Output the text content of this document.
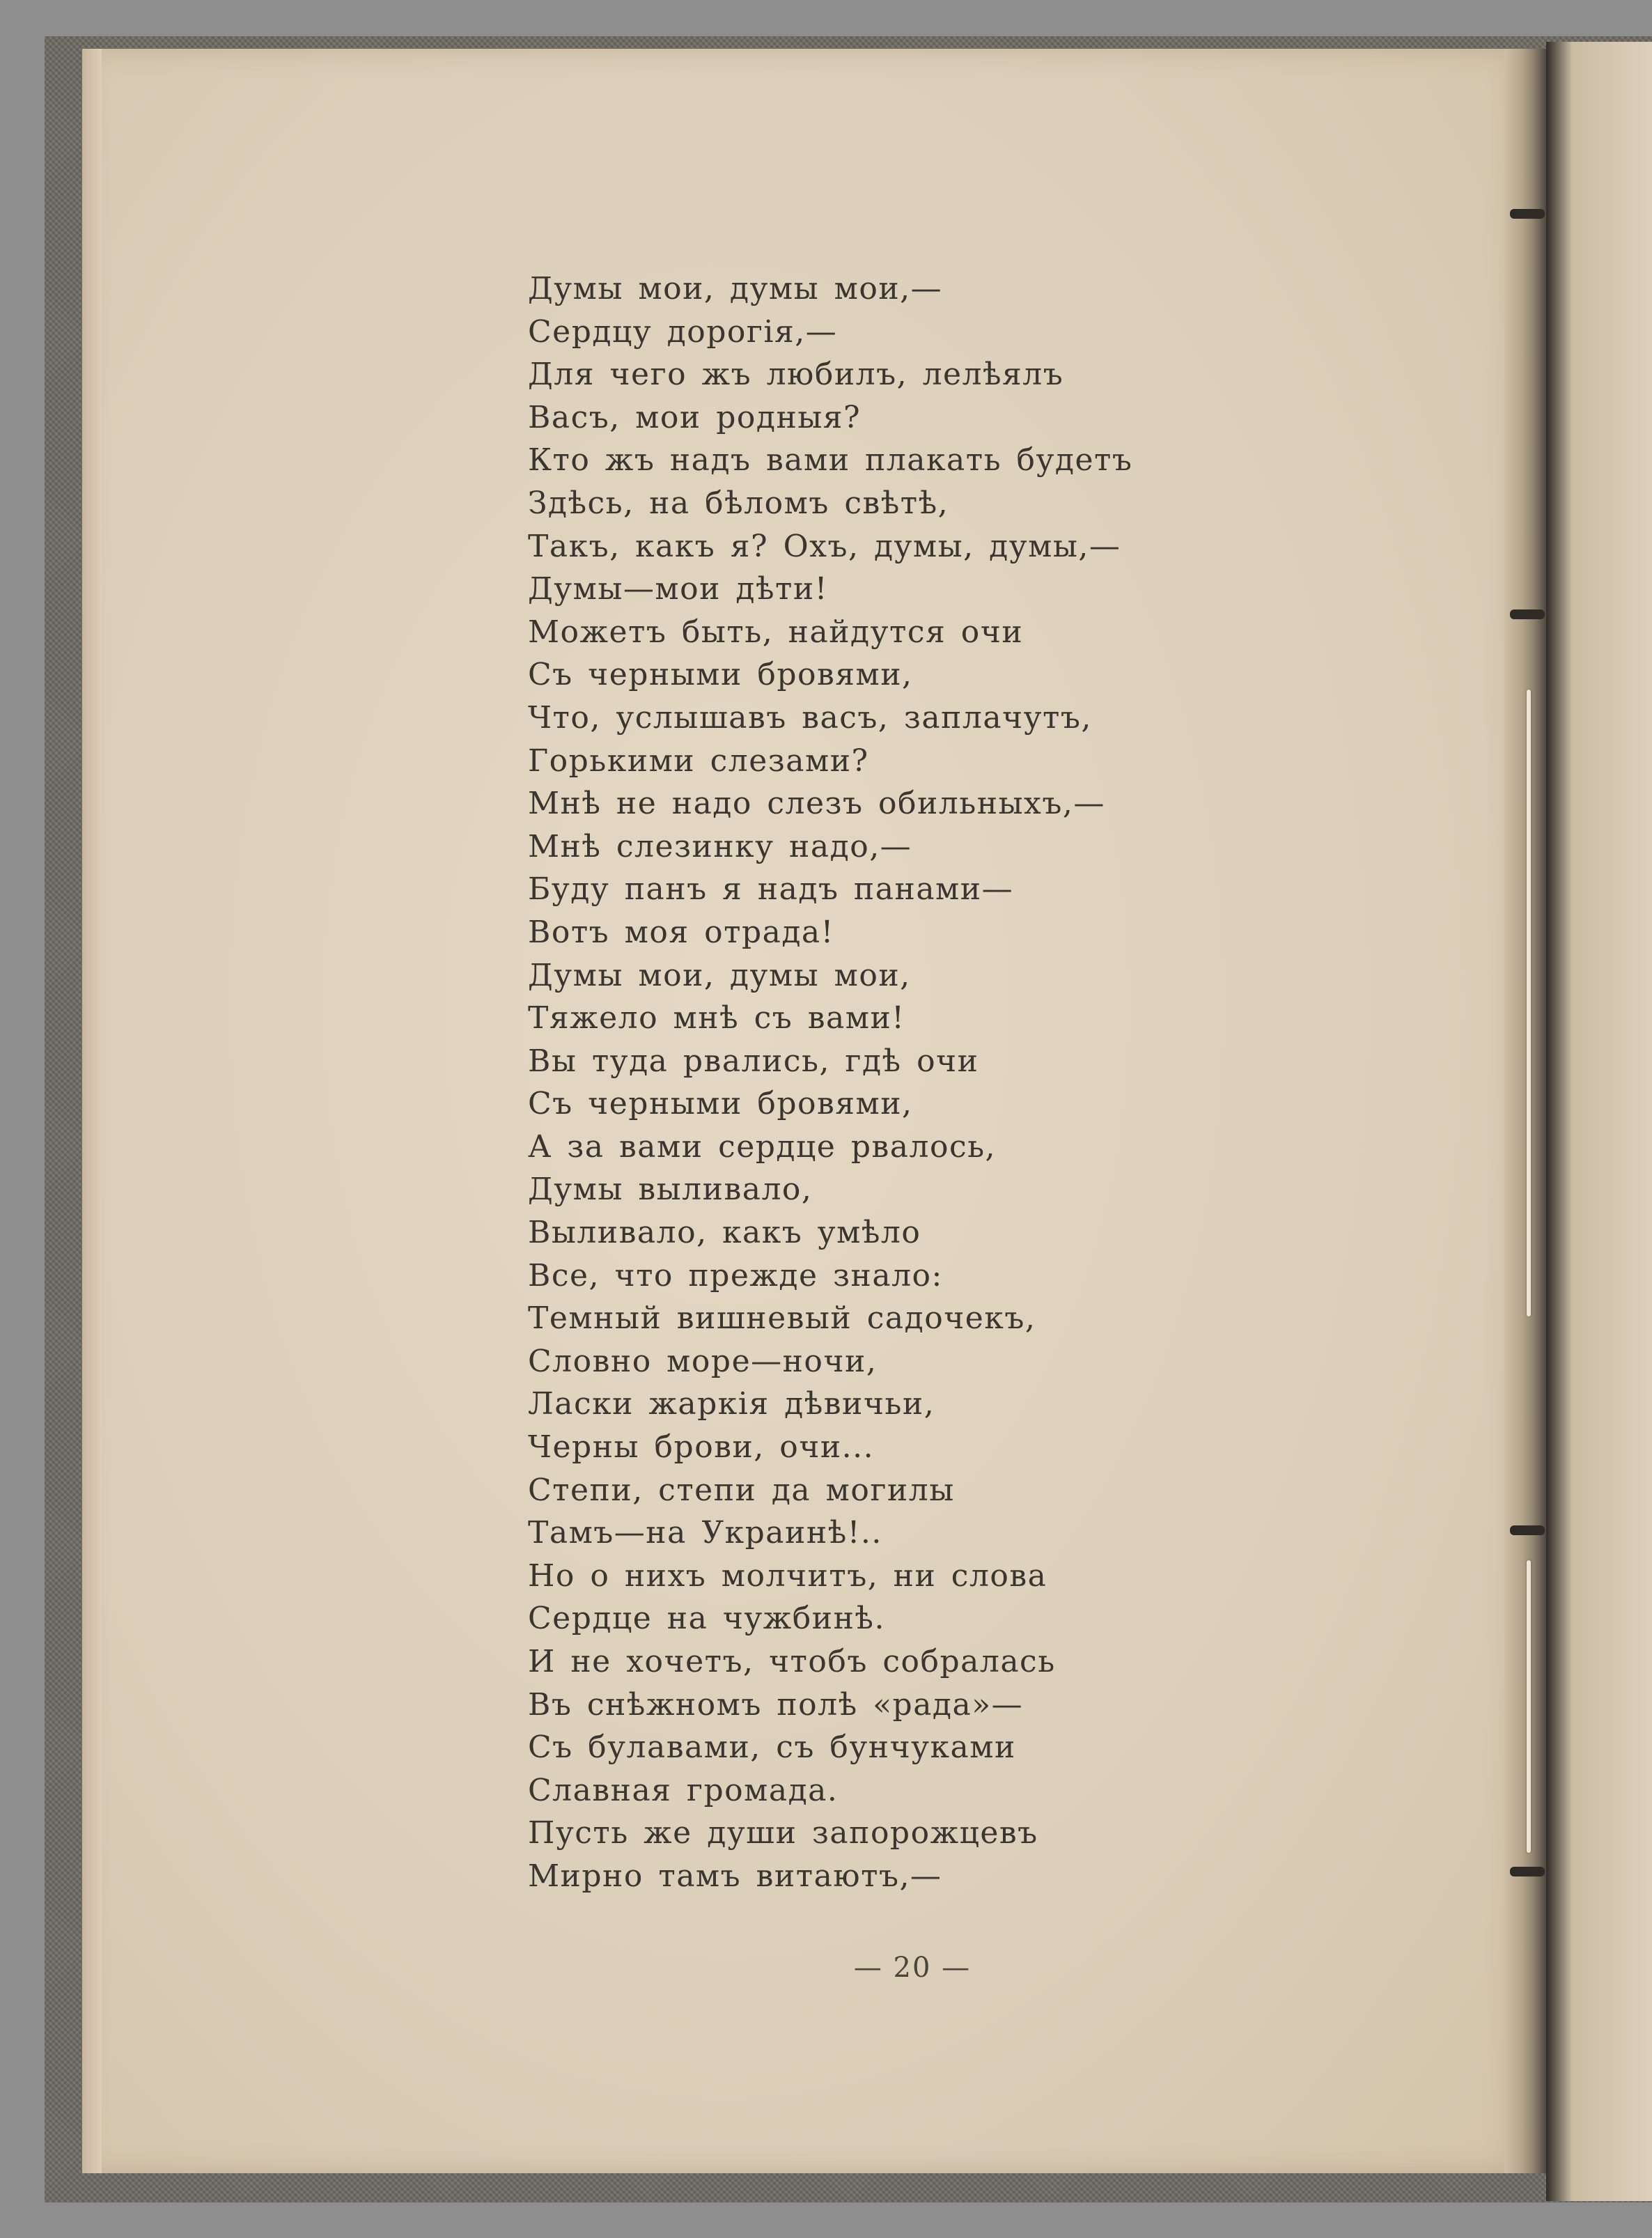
Думы мои, думы мои,—
Сердцу дорогія,—
Для чего жъ любилъ, лелѣялъ
Васъ, мои родныя?
Кто жъ надъ вами плакать будетъ
Здѣсь, на бѣломъ свѣтѣ,
Такъ, какъ я? Охъ, думы, думы,—
Думы—мои дѣти!
Можетъ быть, найдутся очи
Съ черными бровями,
Что, услышавъ васъ, заплачутъ,
Горькими слезами?
Мнѣ не надо слезъ обильныхъ,—
Мнѣ слезинку надо,—
Буду панъ я надъ панами—
Вотъ моя отрада!
Думы мои, думы мои,
Тяжело мнѣ съ вами!
Вы туда рвались, гдѣ очи
Съ черными бровями,
А за вами сердце рвалось,
Думы выливало,
Выливало, какъ умѣло
Все, что прежде знало:
Темный вишневый садочекъ,
Словно море—ночи,
Ласки жаркія дѣвичьи,
Черны брови, очи...
Степи, степи да могилы
Тамъ—на Украинѣ!..
Но о нихъ молчитъ, ни слова
Сердце на чужбинѣ.
И не хочетъ, чтобъ собралась
Въ снѣжномъ полѣ «рада»—
Съ булавами, съ бунчуками
Славная громада.
Пусть же души запорожцевъ
Мирно тамъ витаютъ,—
— 20 —
